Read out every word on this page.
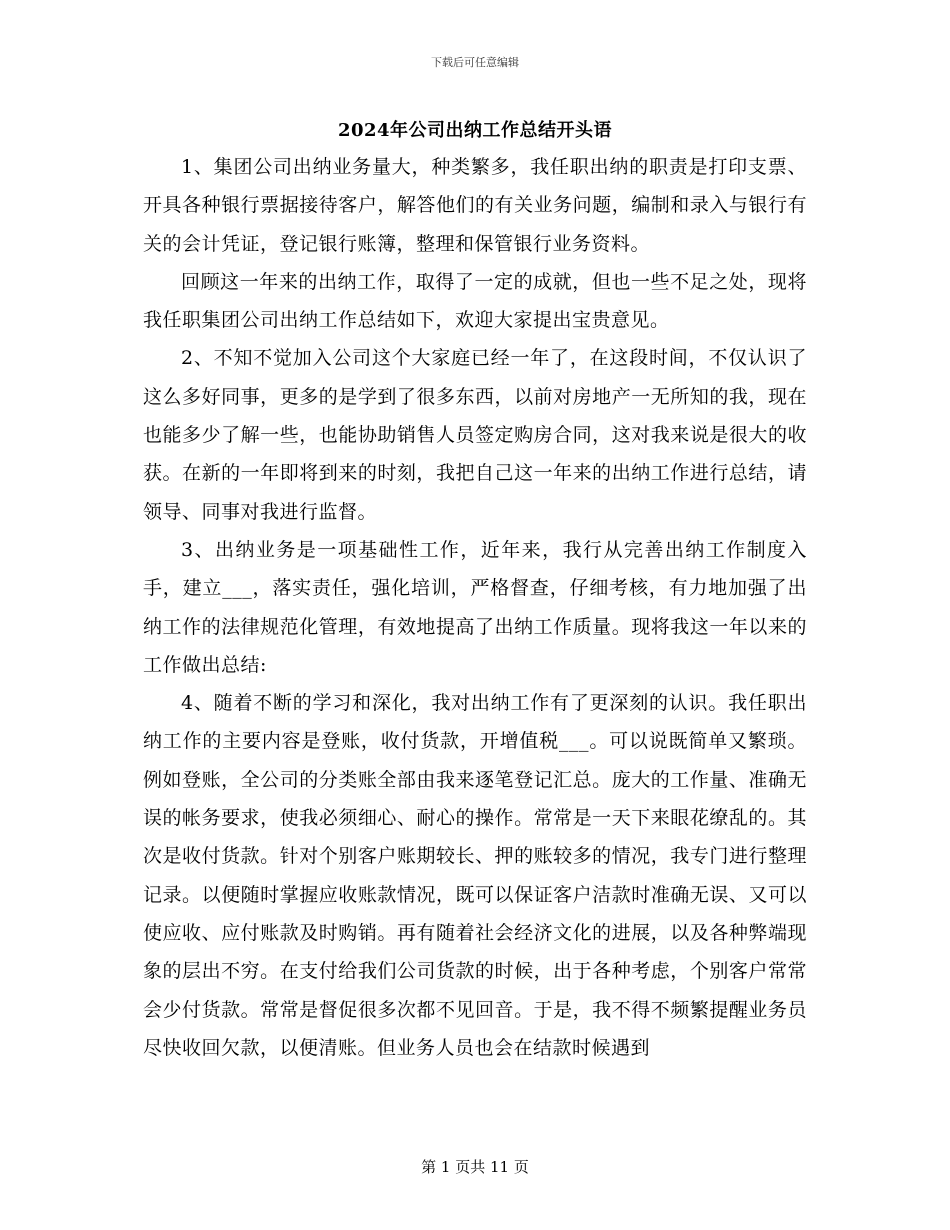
下载后可任意编辑
2024年公司出纳工作总结开头语

1、集团公司出纳业务量大，种类繁多，我任职出纳的职责是打印支票、开具各种银行票据接待客户，解答他们的有关业务问题，编制和录入与银行有关的会计凭证，登记银行账簿，整理和保管银行业务资料。

回顾这一年来的出纳工作，取得了一定的成就，但也一些不足之处，现将我任职集团公司出纳工作总结如下，欢迎大家提出宝贵意见。

2、不知不觉加入公司这个大家庭已经一年了，在这段时间，不仅认识了这么多好同事，更多的是学到了很多东西，以前对房地产一无所知的我，现在也能多少了解一些，也能协助销售人员签定购房合同，这对我来说是很大的收获。在新的一年即将到来的时刻，我把自己这一年来的出纳工作进行总结，请领导、同事对我进行监督。

3、出纳业务是一项基础性工作，近年来，我行从完善出纳工作制度入手，建立___，落实责任，强化培训，严格督查，仔细考核，有力地加强了出纳工作的法律规范化管理，有效地提高了出纳工作质量。现将我这一年以来的工作做出总结:

4、随着不断的学习和深化，我对出纳工作有了更深刻的认识。我任职出纳工作的主要内容是登账，收付货款，开增值税___。可以说既简单又繁琐。例如登账，全公司的分类账全部由我来逐笔登记汇总。庞大的工作量、准确无误的帐务要求，使我必须细心、耐心的操作。常常是一天下来眼花缭乱的。其次是收付货款。针对个别客户账期较长、押的账较多的情况，我专门进行整理记录。以便随时掌握应收账款情况，既可以保证客户洁款时准确无误、又可以使应收、应付账款及时购销。再有随着社会经济文化的进展，以及各种弊端现象的层出不穷。在支付给我们公司货款的时候，出于各种考虑，个别客户常常会少付货款。常常是督促很多次都不见回音。于是，我不得不频繁提醒业务员尽快收回欠款，以便清账。但业务人员也会在结款时候遇到

第 1 页共 11 页
